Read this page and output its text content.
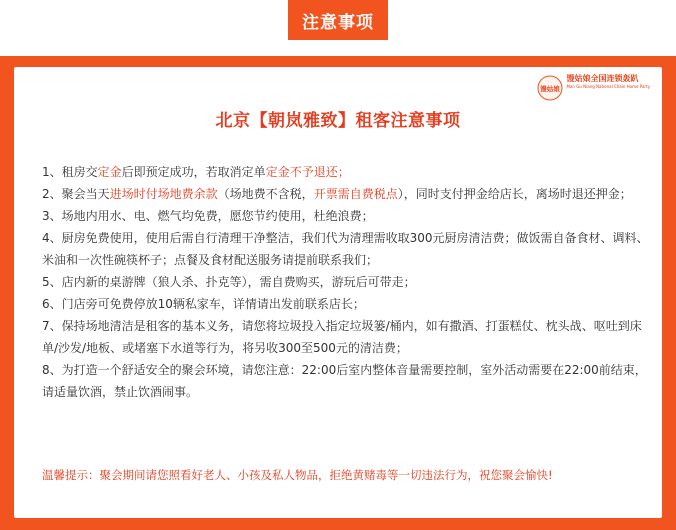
注意事项
馒姑娘
馒姑娘全国连锁轰趴
Man Gu Niang National Chain Home Party
北京【朝岚雅致】租客注意事项
1、租房交定金后即预定成功，若取消定单定金不予退还；
2、聚会当天进场时付场地费余款（场地费不含税，开票需自费税点），同时支付押金给店长，离场时退还押金；
3、场地内用水、电、燃气均免费，愿您节约使用，杜绝浪费；
4、厨房免费使用，使用后需自行清理干净整洁，我们代为清理需收取300元厨房清洁费；做饭需自备食材、调料、米油和一次性碗筷杯子；点餐及食材配送服务请提前联系我们；
5、店内新的桌游牌（狼人杀、扑克等），需自费购买，游玩后可带走；
6、门店旁可免费停放10辆私家车，详情请出发前联系店长；
7、保持场地清洁是租客的基本义务，请您将垃圾投入指定垃圾篓/桶内，如有撒酒、打蛋糕仗、枕头战、呕吐到床单/沙发/地板、或堵塞下水道等行为，将另收300至500元的清洁费；
8、为打造一个舒适安全的聚会环境，请您注意：22:00后室内整体音量需要控制，室外活动需要在22:00前结束，请适量饮酒，禁止饮酒闹事。
温馨提示：聚会期间请您照看好老人、小孩及私人物品，拒绝黄赌毒等一切违法行为，祝您聚会愉快!
